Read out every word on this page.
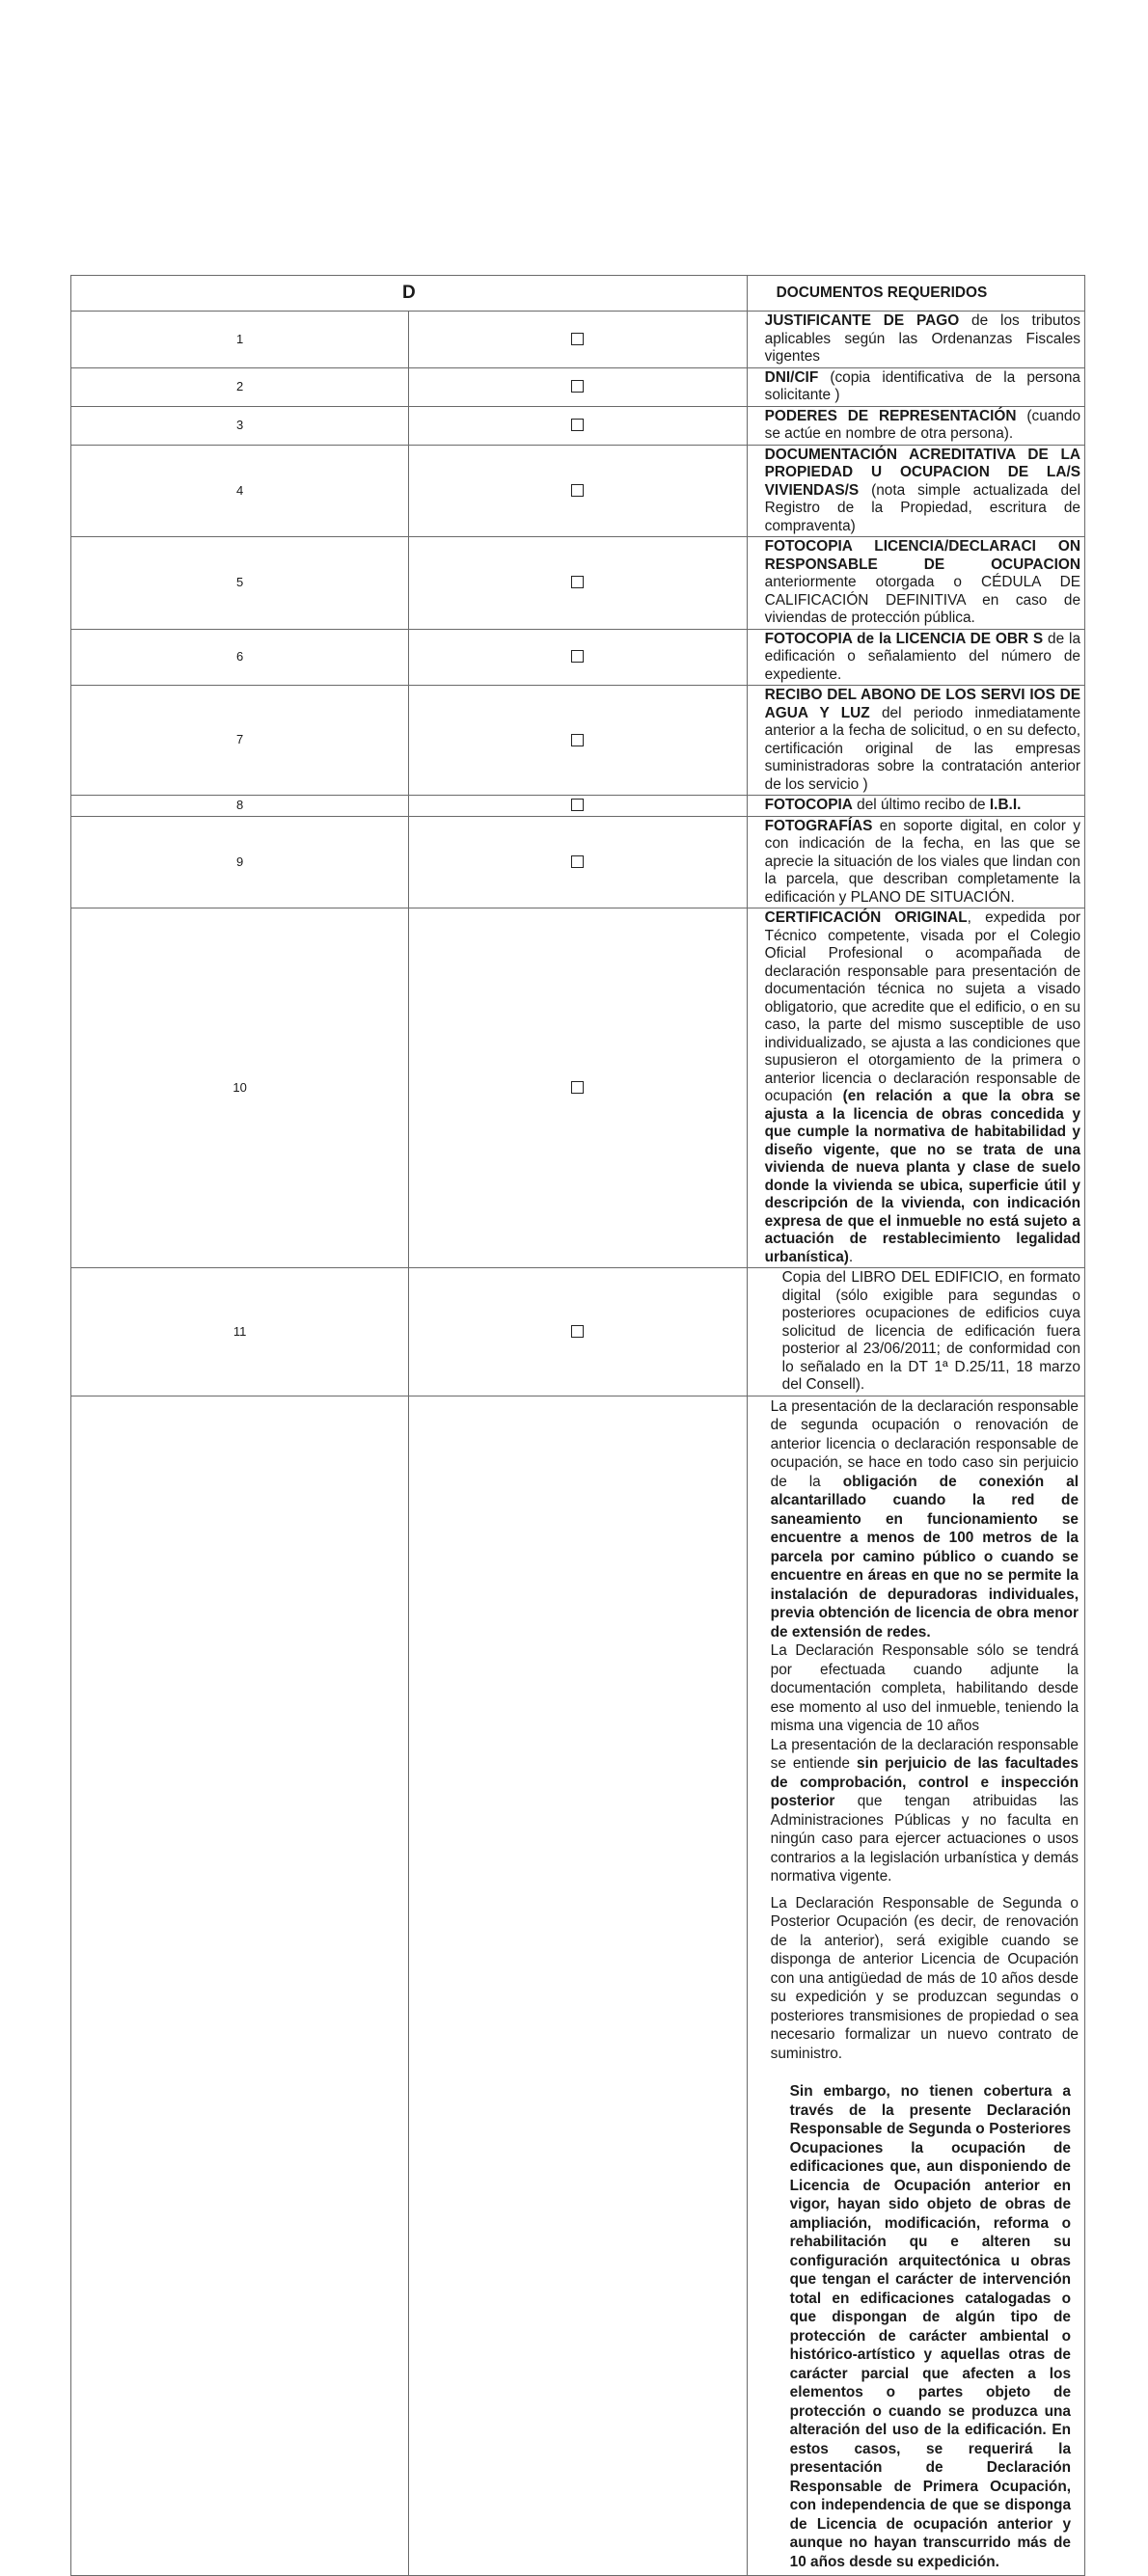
D		DOCUMENTOS REQUERIDOS
1		JUSTIFICANTE DE PAGO de los tributos aplicables según las Ordenanzas Fiscales vigentes
2		DNI/CIF (copia identificativa de la persona solicitante )
3		PODERES DE REPRESENTACIÓN (cuando se actúe en nombre de otra persona).
4		DOCUMENTACIÓN ACREDITATIVA DE LA PROPIEDAD U OCUPACION DE LA/S VIVIENDAS/S (nota simple actualizada del Registro de la Propiedad, escritura de compraventa)
5		FOTOCOPIA LICENCIA/DECLARACI ON RESPONSABLE DE OCUPACION anteriormente otorgada o CÉDULA DE CALIFICACIÓN DEFINITIVA en caso de viviendas de protección pública.
6		FOTOCOPIA de la LICENCIA DE OBR S de la edificación o señalamiento del número de expediente.
7		RECIBO DEL ABONO DE LOS SERVI IOS DE AGUA Y LUZ del periodo inmediatamente anterior a la fecha de solicitud, o en su defecto, certificación original de las empresas suministradoras sobre la contratación anterior de los servicio )
8		FOTOCOPIA del último recibo de I.B.I.
9		FOTOGRAFÍAS en soporte digital, en color y con indicación de la fecha, en las que se aprecie la situación de los viales que lindan con la parcela, que describan completamente la edificación y PLANO DE SITUACIÓN.
10		CERTIFICACIÓN ORIGINAL, expedida por Técnico competente, visada por el Colegio Oficial Profesional o acompañada de declaración responsable para presentación de documentación técnica no sujeta a visado obligatorio, que acredite que el edificio, o en su caso, la parte del mismo susceptible de uso individualizado, se ajusta a las condiciones que supusieron el otorgamiento de la primera o anterior licencia o declaración responsable de ocupación (en relación a que la obra se ajusta a la licencia de obras concedida y que cumple la normativa de habitabilidad y diseño vigente, que no se trata de una vivienda de nueva planta y clase de suelo donde la vivienda se ubica, superficie útil y descripción de la vivienda, con indicación expresa de que el inmueble no está sujeto a actuación de restablecimiento legalidad urbanística).
11		Copia del LIBRO DEL EDIFICIO, en formato digital (sólo exigible para segundas o posteriores ocupaciones de edificios cuya solicitud de licencia de edificación fuera posterior al 23/06/2011; de conformidad con lo señalado en la DT 1ª D.25/11, 18 marzo del Consell).

		La presentación de la declaración responsable de segunda ocupación o renovación de anterior licencia o declaración responsable de ocupación, se hace en todo caso sin perjuicio de la obligación de conexión al alcantarillado cuando la red de saneamiento en funcionamiento se encuentre a menos de 100 metros de la parcela por camino público o cuando se encuentre en áreas en que no se permite la instalación de depuradoras individuales, previa obtención de licencia de obra menor de extensión de redes.

La Declaración Responsable sólo se tendrá por efectuada cuando adjunte la documentación completa, habilitando desde ese momento al uso del inmueble, teniendo la misma una vigencia de 10 años

La presentación de la declaración responsable se entiende sin perjuicio de las facultades de comprobación, control e inspección posterior que tengan atribuidas las Administraciones Públicas y no faculta en ningún caso para ejercer actuaciones o usos contrarios a la legislación urbanística y demás normativa vigente.

La Declaración Responsable de Segunda o Posterior Ocupación (es decir, de renovación de la anterior), será exigible cuando se disponga de anterior Licencia de Ocupación con una antigüedad de más de 10 años desde su expedición y se produzcan segundas o posteriores transmisiones de propiedad o sea necesario formalizar un nuevo contrato de suministro.

Sin embargo, no tienen cobertura a través de la presente Declaración Responsable de Segunda o Posteriores Ocupaciones la ocupación de edificaciones que, aun disponiendo de Licencia de Ocupación anterior en vigor, hayan sido objeto de obras de ampliación, modificación, reforma o rehabilitación qu e alteren su configuración arquitectónica u obras que tengan el carácter de intervención total en edificaciones catalogadas o que dispongan de algún tipo de protección de carácter ambiental o histórico-artístico y aquellas otras de carácter parcial que afecten a los elementos o partes objeto de protección o cuando se produzca una alteración del uso de la edificación. En estos casos, se requerirá la presentación de Declaración Responsable de Primera Ocupación, con independencia de que se disponga de Licencia de ocupación anterior y aunque no hayan transcurrido más de 10 años desde su expedición.
